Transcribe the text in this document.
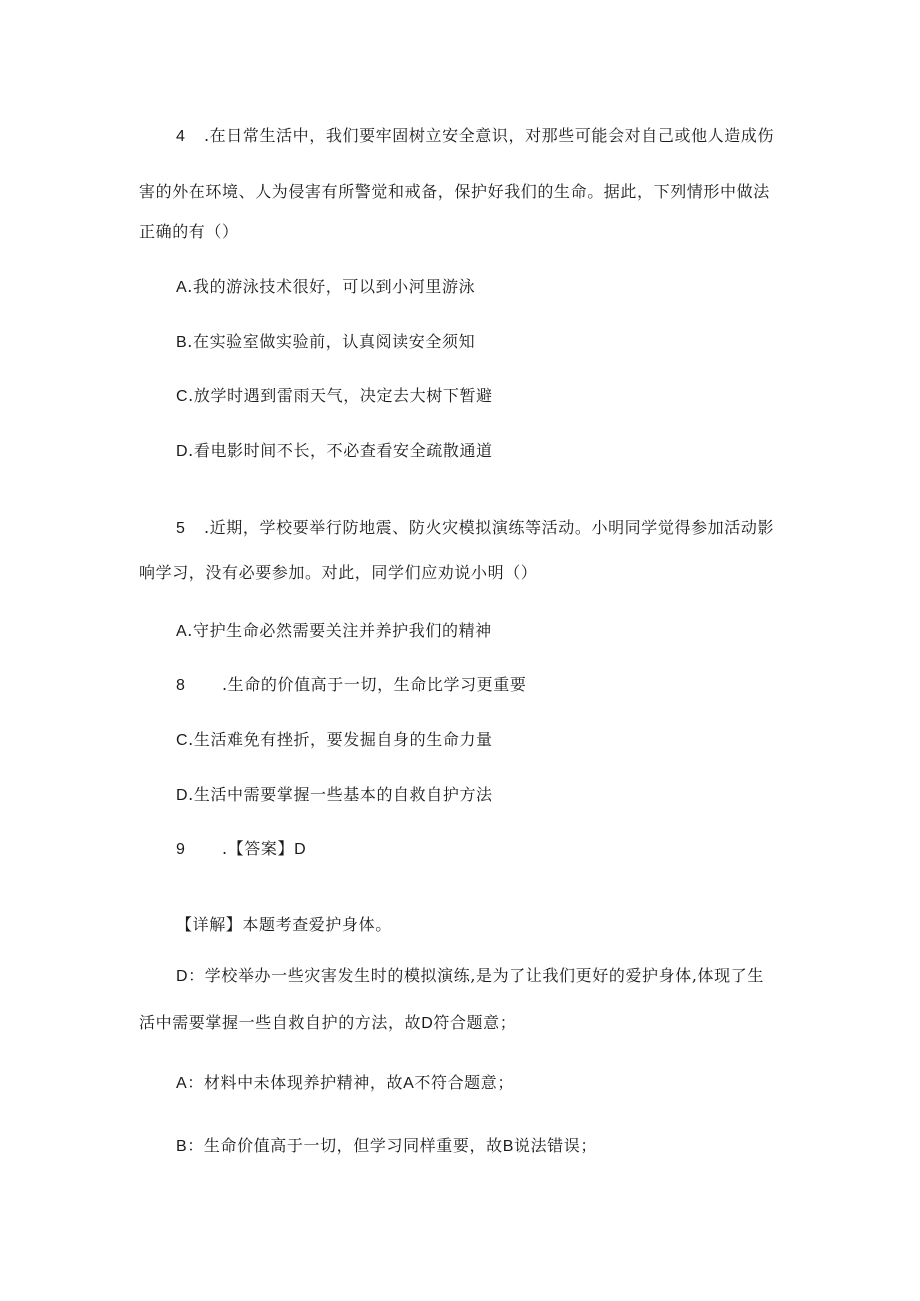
4 .在日常生活中，我们要牢固树立安全意识，对那些可能会对自己或他人造成伤
害的外在环境、人为侵害有所警觉和戒备，保护好我们的生命。据此，下列情形中做法
正确的有（）
A.我的游泳技术很好，可以到小河里游泳
B.在实验室做实验前，认真阅读安全须知
C.放学时遇到雷雨天气，决定去大树下暂避
D.看电影时间不长，不必查看安全疏散通道
5 .近期，学校要举行防地震、防火灾模拟演练等活动。小明同学觉得参加活动影
响学习，没有必要参加。对此，同学们应劝说小明（）
A.守护生命必然需要关注并养护我们的精神
8 .生命的价值高于一切，生命比学习更重要
C.生活难免有挫折，要发掘自身的生命力量
D.生活中需要掌握一些基本的自救自护方法
9 .【答案】D
【详解】本题考查爱护身体。
D：学校举办一些灾害发生时的模拟演练,是为了让我们更好的爱护身体,体现了生
活中需要掌握一些自救自护的方法，故D符合题意；
A：材料中未体现养护精神，故A不符合题意；
B：生命价值高于一切，但学习同样重要，故B说法错误；
